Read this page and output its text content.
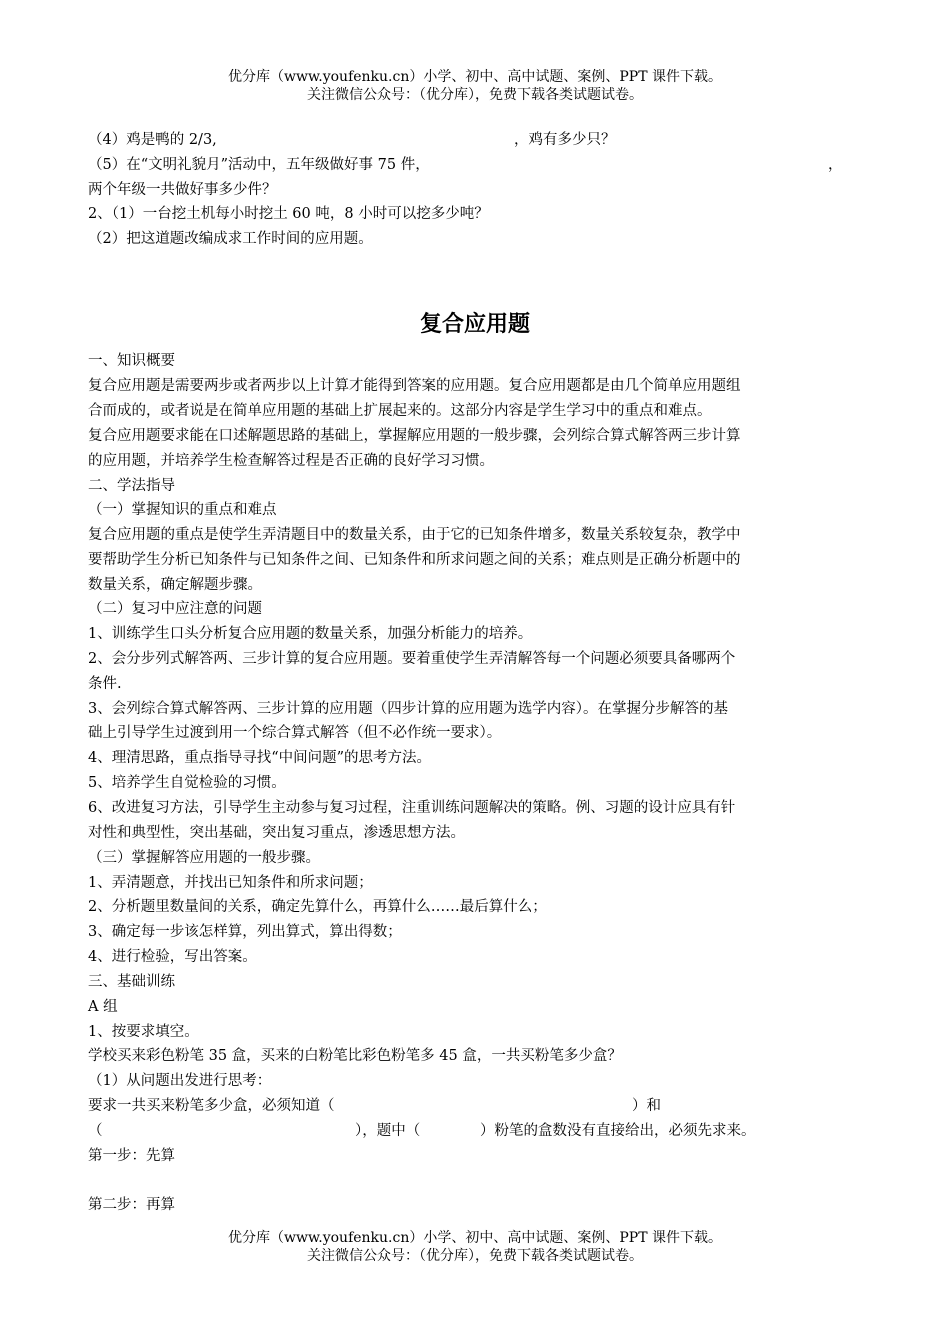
优分库（www.youfenku.cn）小学、初中、高中试题、案例、PPT 课件下载。
关注微信公众号：（优分库），免费下载各类试题试卷。
（4）鸡是鸭的 2/3,	，鸡有多少只？
（5）在“文明礼貌月”活动中，五年级做好事 75 件，	，
两个年级一共做好事多少件？
2、（1）一台挖土机每小时挖土 60 吨，8 小时可以挖多少吨？
（2）把这道题改编成求工作时间的应用题。
复合应用题
一、知识概要
复合应用题是需要两步或者两步以上计算才能得到答案的应用题。复合应用题都是由几个简单应用题组
合而成的，或者说是在简单应用题的基础上扩展起来的。这部分内容是学生学习中的重点和难点。
复合应用题要求能在口述解题思路的基础上，掌握解应用题的一般步骤，会列综合算式解答两三步计算
的应用题，并培养学生检查解答过程是否正确的良好学习习惯。
二、学法指导
（一）掌握知识的重点和难点
复合应用题的重点是使学生弄清题目中的数量关系，由于它的已知条件增多，数量关系较复杂，教学中
要帮助学生分析已知条件与已知条件之间、已知条件和所求问题之间的关系；难点则是正确分析题中的
数量关系，确定解题步骤。
（二）复习中应注意的问题
1、训练学生口头分析复合应用题的数量关系，加强分析能力的培养。
2、会分步列式解答两、三步计算的复合应用题。要着重使学生弄清解答每一个问题必须要具备哪两个
条件.
3、会列综合算式解答两、三步计算的应用题（四步计算的应用题为选学内容）。在掌握分步解答的基
础上引导学生过渡到用一个综合算式解答（但不必作统一要求）。
4、理清思路，重点指导寻找“中间问题”的思考方法。
5、培养学生自觉检验的习惯。
6、改进复习方法，引导学生主动参与复习过程，注重训练问题解决的策略。例、习题的设计应具有针
对性和典型性，突出基础，突出复习重点，渗透思想方法。
（三）掌握解答应用题的一般步骤。
1、弄清题意，并找出已知条件和所求问题；
2、分析题里数量间的关系，确定先算什么，再算什么……最后算什么；
3、确定每一步该怎样算，列出算式，算出得数；
4、进行检验，写出答案。
三、基础训练
A 组
1、按要求填空。
学校买来彩色粉笔 35 盒，买来的白粉笔比彩色粉笔多 45 盒，一共买粉笔多少盒？
（1）从问题出发进行思考：
要求一共买来粉笔多少盒，必须知道（	）和
（	），题中（	）粉笔的盒数没有直接给出，必须先求来。
第一步：先算
第二步：再算
优分库（www.youfenku.cn）小学、初中、高中试题、案例、PPT 课件下载。
关注微信公众号：（优分库），免费下载各类试题试卷。
